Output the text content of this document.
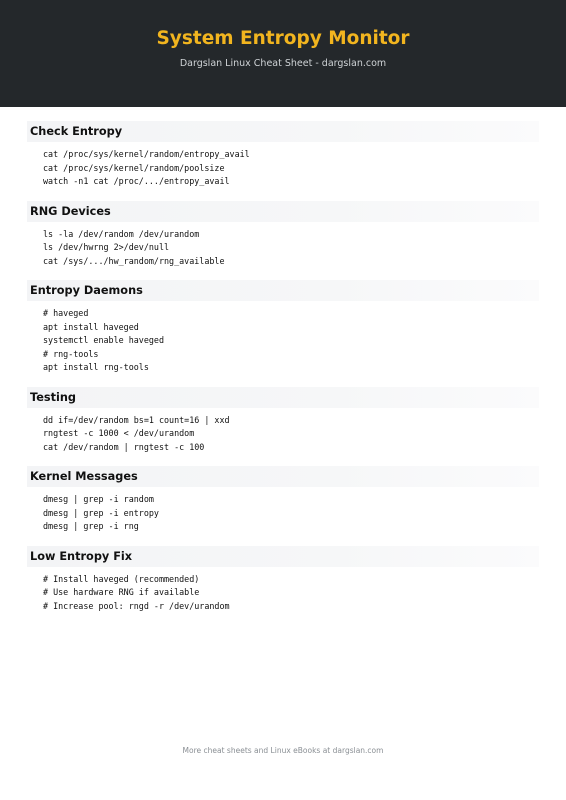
System Entropy Monitor
Dargslan Linux Cheat Sheet - dargslan.com
Check Entropy
cat /proc/sys/kernel/random/entropy_avail
cat /proc/sys/kernel/random/poolsize
watch -n1 cat /proc/.../entropy_avail
RNG Devices
ls -la /dev/random /dev/urandom
ls /dev/hwrng 2>/dev/null
cat /sys/.../hw_random/rng_available
Entropy Daemons
# haveged
apt install haveged
systemctl enable haveged
# rng-tools
apt install rng-tools
Testing
dd if=/dev/random bs=1 count=16 | xxd
rngtest -c 1000 < /dev/urandom
cat /dev/random | rngtest -c 100
Kernel Messages
dmesg | grep -i random
dmesg | grep -i entropy
dmesg | grep -i rng
Low Entropy Fix
# Install haveged (recommended)
# Use hardware RNG if available
# Increase pool: rngd -r /dev/urandom
More cheat sheets and Linux eBooks at dargslan.com
